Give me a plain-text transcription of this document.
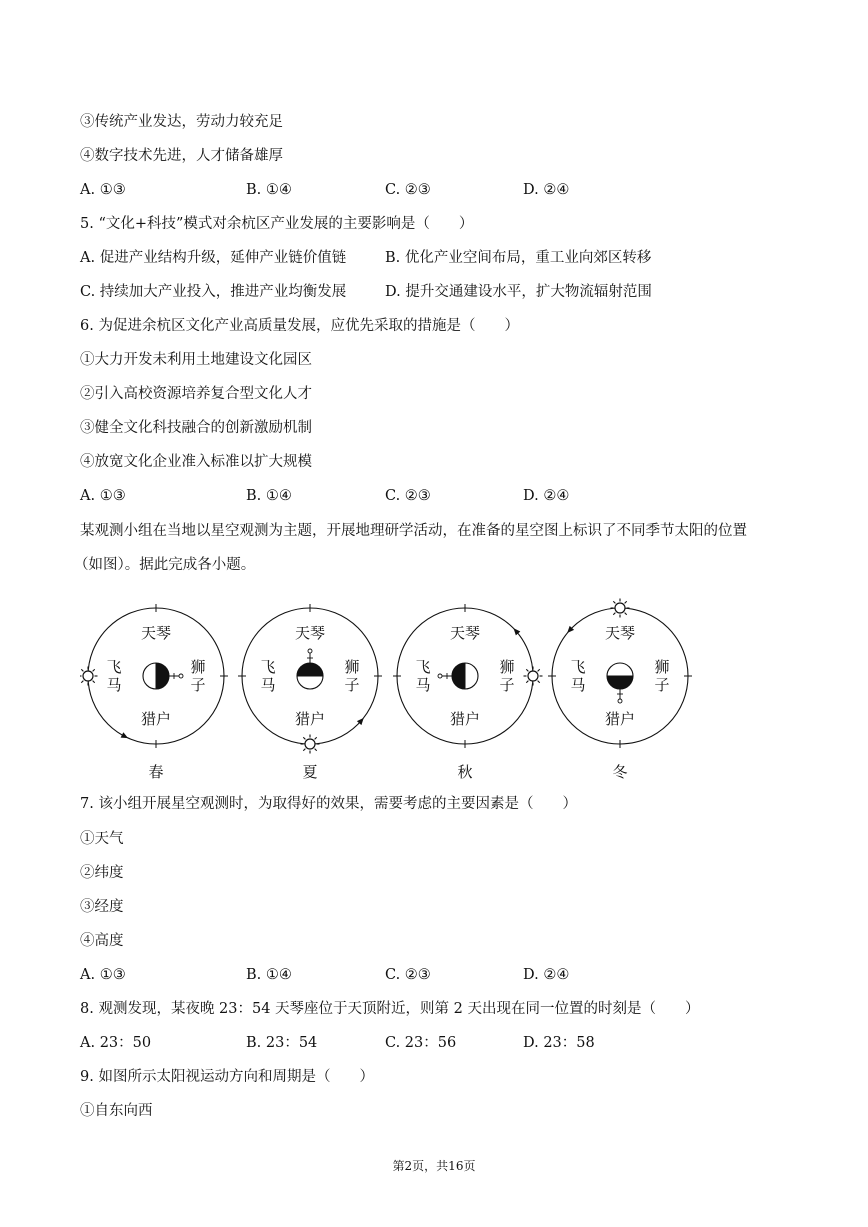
③传统产业发达，劳动力较充足
④数字技术先进，人才储备雄厚
A. ①③	B. ①④	C. ②③	D. ②④
5. “文化+科技”模式对余杭区产业发展的主要影响是（　　）
A. 促进产业结构升级，延伸产业链价值链	B. 优化产业空间布局，重工业向郊区转移
C. 持续加大产业投入，推进产业均衡发展	D. 提升交通建设水平，扩大物流辐射范围
6. 为促进余杭区文化产业高质量发展，应优先采取的措施是（　　）
①大力开发未利用土地建设文化园区
②引入高校资源培养复合型文化人才
③健全文化科技融合的创新激励机制
④放宽文化企业准入标准以扩大规模
A. ①③	B. ①④	C. ②③	D. ②④
某观测小组在当地以星空观测为主题，开展地理研学活动，在准备的星空图上标识了不同季节太阳的位置
（如图）。据此完成各小题。
天琴
飞
马
狮
子
猎户
春
天琴
飞
马
狮
子
猎户
夏
天琴
飞
马
狮
子
猎户
秋
天琴
飞
马
狮
子
猎户
冬
7. 该小组开展星空观测时，为取得好的效果，需要考虑的主要因素是（　　）
①天气
②纬度
③经度
④高度
A. ①③	B. ①④	C. ②③	D. ②④
8. 观测发现，某夜晚 23：54 天琴座位于天顶附近，则第 2 天出现在同一位置的时刻是（　　）
A. 23：50	B. 23：54	C. 23：56	D. 23：58
9. 如图所示太阳视运动方向和周期是（　　）
①自东向西
第2页，共16页
